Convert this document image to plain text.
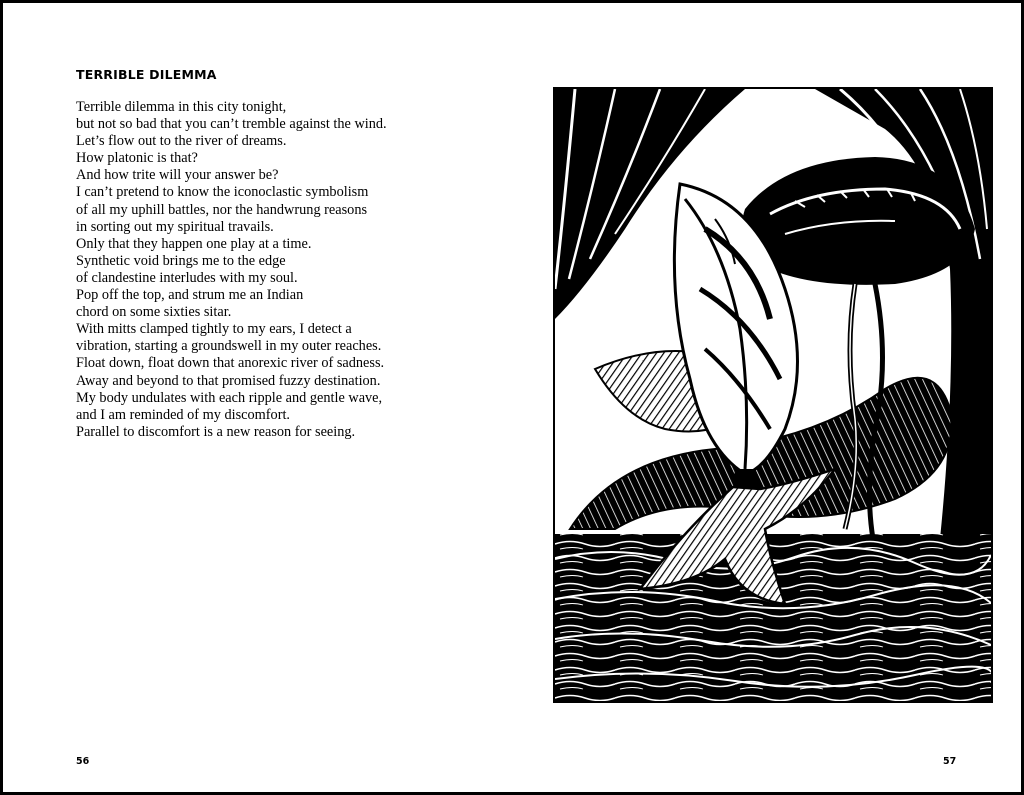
TERRIBLE DILEMMA
Terrible dilemma in this city tonight,
but not so bad that you can’t tremble against the wind.
Let’s flow out to the river of dreams.
How platonic is that?
And how trite will your answer be?
I can’t pretend to know the iconoclastic symbolism
of all my uphill battles, nor the handwrung reasons
in sorting out my spiritual travails.
Only that they happen one play at a time.
Synthetic void brings me to the edge
of clandestine interludes with my soul.
Pop off the top, and strum me an Indian
chord on some sixties sitar.
With mitts clamped tightly to my ears, I detect a
vibration, starting a groundswell in my outer reaches.
Float down, float down that anorexic river of sadness.
Away and beyond to that promised fuzzy destination.
My body undulates with each ripple and gentle wave,
and I am reminded of my discomfort.
Parallel to discomfort is a new reason for seeing.
56	57
